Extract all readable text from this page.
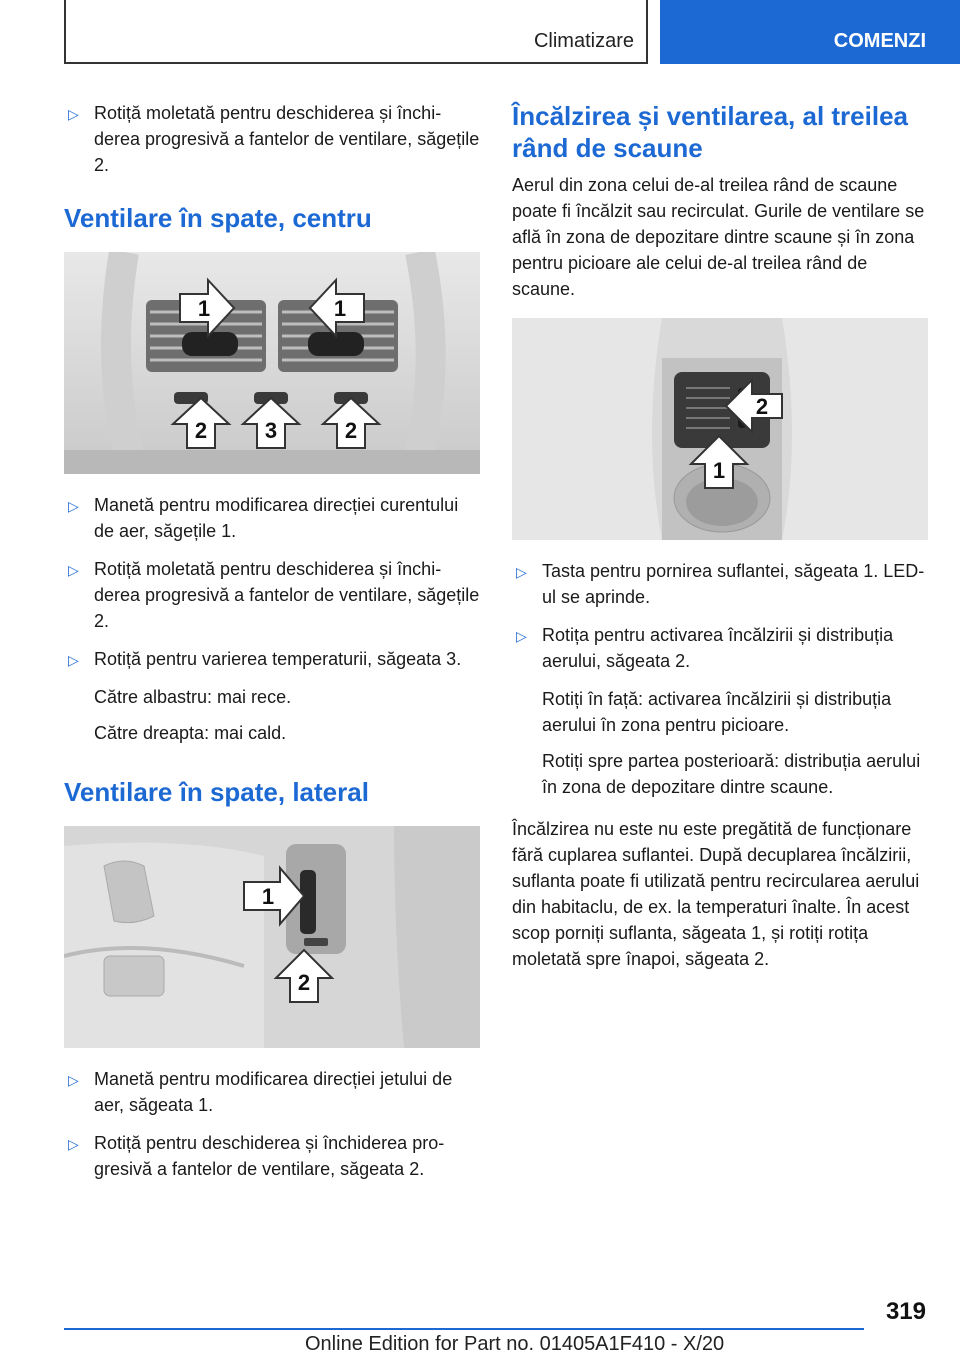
Climatizare	COMENZI
▷ Rotiță moletată pentru deschiderea și închiderea progresivă a fantelor de ventilare, săgețile 2.

Ventilare în spate, centru
1	1
2	3	2
▷ Manetă pentru modificarea direcției curentului de aer, săgețile 1.

▷ Rotiță moletată pentru deschiderea și închiderea progresivă a fantelor de ventilare, săgețile 2.

▷ Rotiță pentru varierea temperaturii, săgeata 3.

Către albastru: mai rece.

Către dreapta: mai cald.

Ventilare în spate, lateral
1
2
▷ Manetă pentru modificarea direcției jetului de aer, săgeata 1.

▷ Rotiță pentru deschiderea și închiderea progresivă a fantelor de ventilare, săgeata 2.

Încălzirea și ventilarea, al treilea rând de scaune

Aerul din zona celui de-al treilea rând de scaune poate fi încălzit sau recirculat. Gurile de ventilare se află în zona de depozitare dintre scaune și în zona pentru picioare ale celui de-al treilea rând de scaune.

2
1
▷ Tasta pentru pornirea suflantei, săgeata 1. LED-ul se aprinde.

▷ Rotița pentru activarea încălzirii și distribuția aerului, săgeata 2.

Rotiți în față: activarea încălzirii și distribuția aerului în zona pentru picioare.

Rotiți spre partea posterioară: distribuția aerului în zona de depozitare dintre scaune.

Încălzirea nu este nu este pregătită de funcționare fără cuplarea suflantei. După decuplarea încălzirii, suflanta poate fi utilizată pentru recircularea aerului din habitaclu, de ex. la temperaturi înalte. În acest scop porniți suflanta, săgeata 1, și rotiți rotița moletată spre înapoi, săgeata 2.

319
Online Edition for Part no. 01405A1F410 - X/20
